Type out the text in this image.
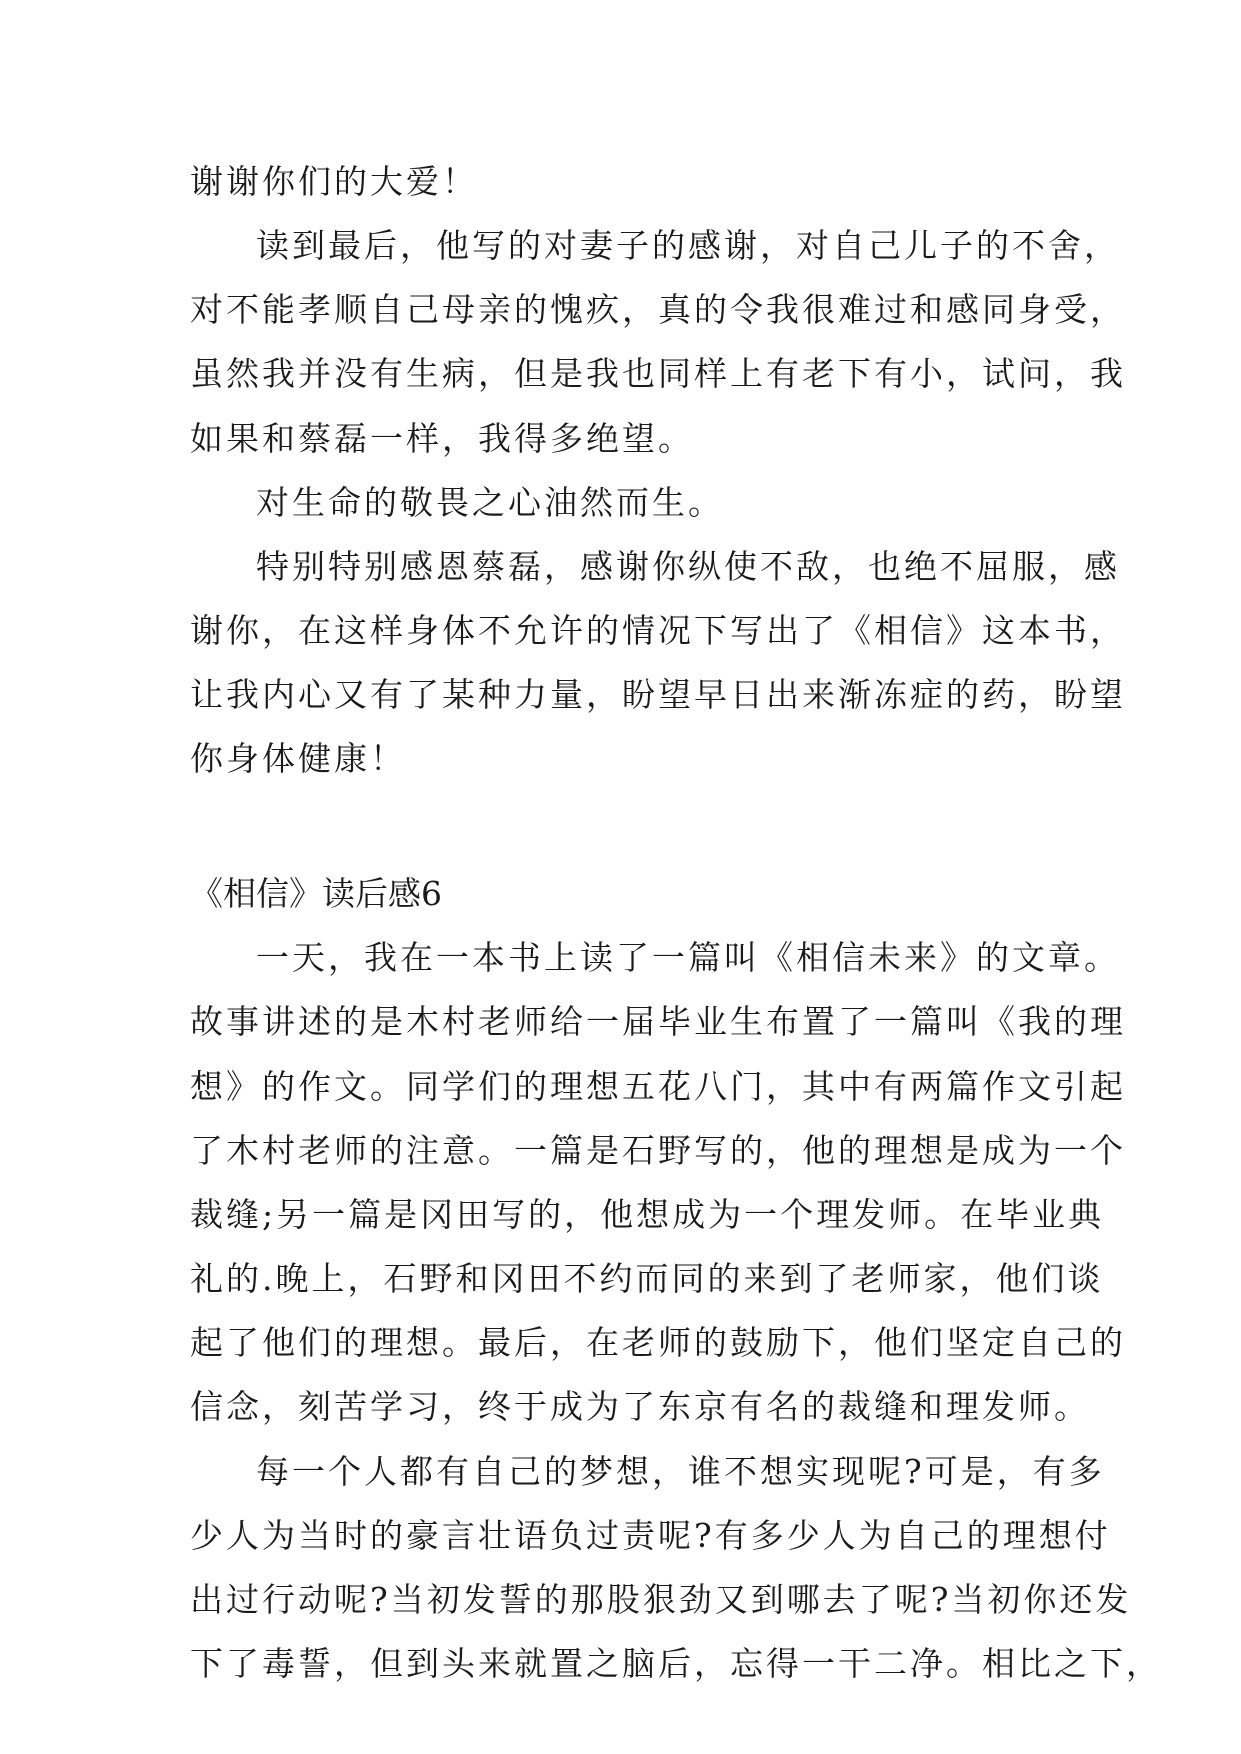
谢谢你们的大爱！
读到最后，他写的对妻子的感谢，对自己儿子的不舍，
对不能孝顺自己母亲的愧疚，真的令我很难过和感同身受，
虽然我并没有生病，但是我也同样上有老下有小，试问，我
如果和蔡磊一样，我得多绝望。
对生命的敬畏之心油然而生。
特别特别感恩蔡磊，感谢你纵使不敌，也绝不屈服，感
谢你，在这样身体不允许的情况下写出了《相信》这本书，
让我内心又有了某种力量，盼望早日出来渐冻症的药，盼望
你身体健康！
《相信》读后感6
一天，我在一本书上读了一篇叫《相信未来》的文章。
故事讲述的是木村老师给一届毕业生布置了一篇叫《我的理
想》的作文。同学们的理想五花八门，其中有两篇作文引起
了木村老师的注意。一篇是石野写的，他的理想是成为一个
裁缝;另一篇是冈田写的，他想成为一个理发师。在毕业典
礼的.晚上，石野和冈田不约而同的来到了老师家，他们谈
起了他们的理想。最后，在老师的鼓励下，他们坚定自己的
信念，刻苦学习，终于成为了东京有名的裁缝和理发师。
每一个人都有自己的梦想，谁不想实现呢?可是，有多
少人为当时的豪言壮语负过责呢?有多少人为自己的理想付
出过行动呢?当初发誓的那股狠劲又到哪去了呢?当初你还发
下了毒誓，但到头来就置之脑后，忘得一干二净。相比之下，
